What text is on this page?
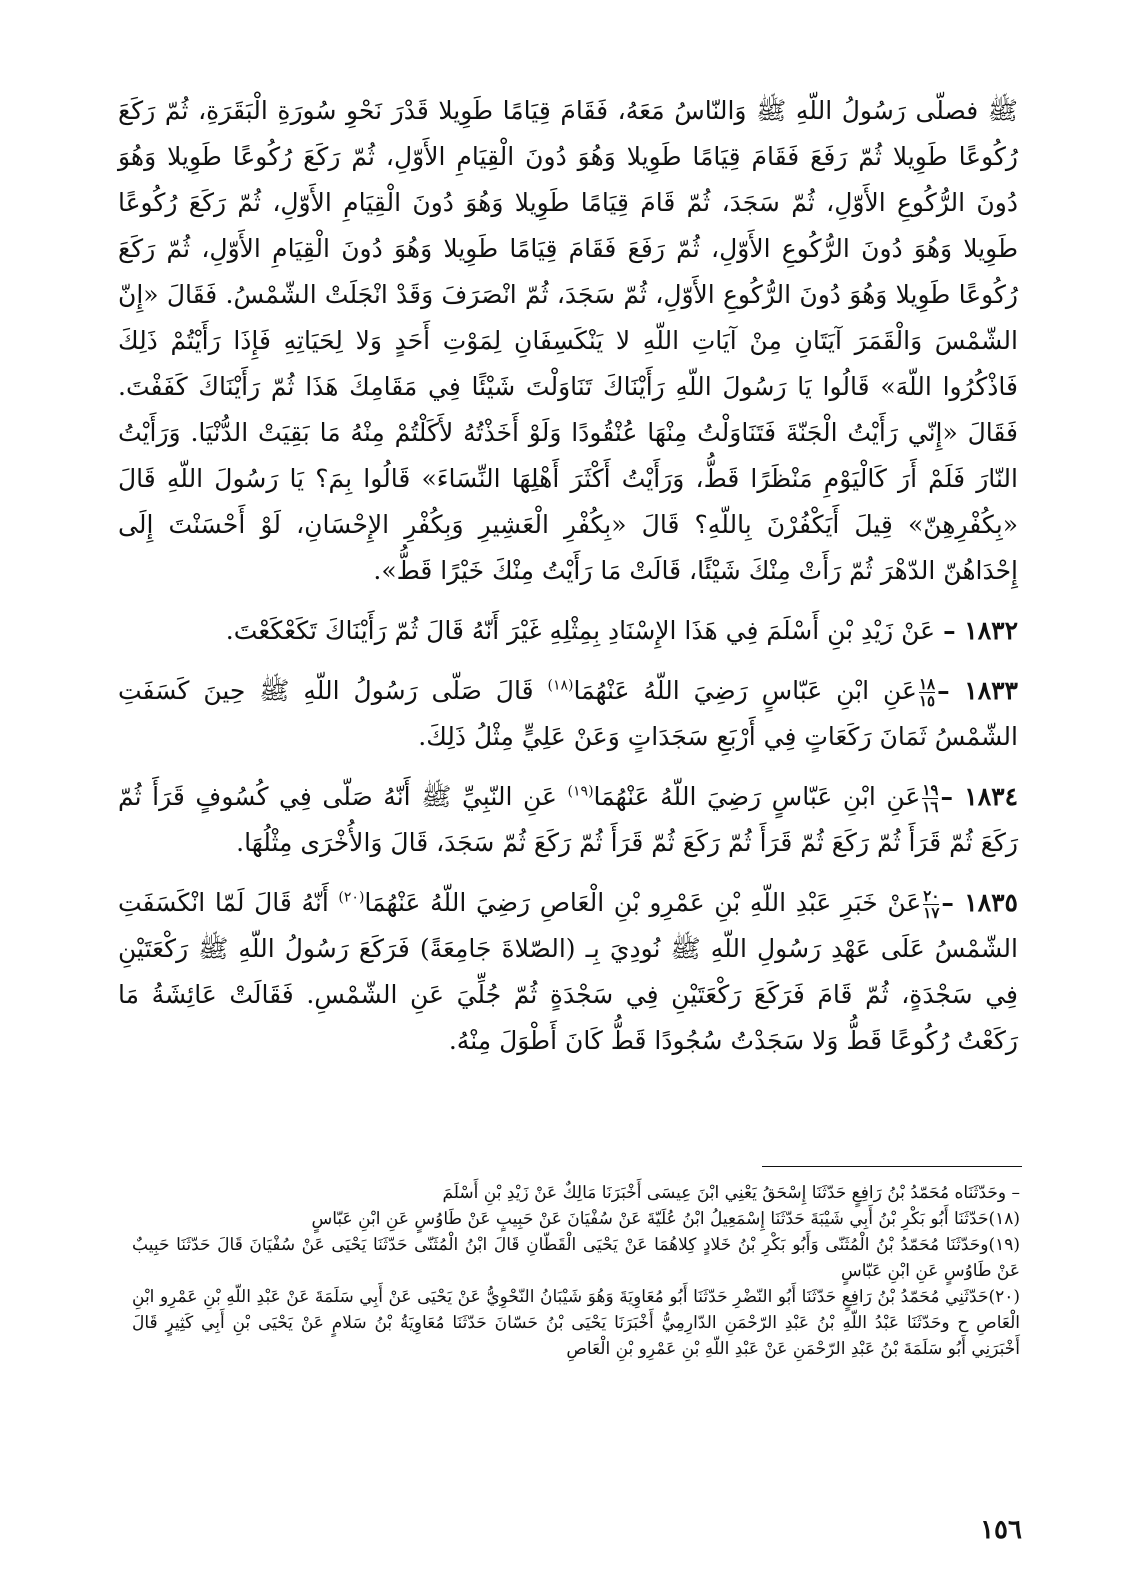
ﷺ فصلّى رَسُولُ اللّهِ ﷺ وَالنّاسُ مَعَهُ، فَقَامَ قِيَامًا طَوِيلا قَدْرَ نَحْوِ سُورَةِ الْبَقَرَةِ، ثُمّ رَكَعَ رُكُوعًا طَوِيلا ثُمّ رَفَعَ فَقَامَ قِيَامًا طَوِيلا وَهُوَ دُونَ الْقِيَامِ الأَوّلِ، ثُمّ رَكَعَ رُكُوعًا طَوِيلا وَهُوَ دُونَ الرُّكُوعِ الأَوّلِ، ثُمّ سَجَدَ، ثُمّ قَامَ قِيَامًا طَوِيلا وَهُوَ دُونَ الْقِيَامِ الأَوّلِ، ثُمّ رَكَعَ رُكُوعًا طَوِيلا وَهُوَ دُونَ الرُّكُوعِ الأَوّلِ، ثُمّ رَفَعَ فَقَامَ قِيَامًا طَوِيلا وَهُوَ دُونَ الْقِيَامِ الأَوّلِ، ثُمّ رَكَعَ رُكُوعًا طَوِيلا وَهُوَ دُونَ الرُّكُوعِ الأَوّلِ، ثُمّ سَجَدَ، ثُمّ انْصَرَفَ وَقَدْ انْجَلَتْ الشّمْسُ. فَقَالَ «إِنّ الشّمْسَ وَالْقَمَرَ آيَتَانِ مِنْ آيَاتِ اللّهِ لا يَنْكَسِفَانِ لِمَوْتِ أَحَدٍ وَلا لِحَيَاتِهِ فَإِذَا رَأَيْتُمْ ذَلِكَ فَاذْكُرُوا اللّهَ» قَالُوا يَا رَسُولَ اللّهِ رَأَيْنَاكَ تَنَاوَلْتَ شَيْئًا فِي مَقَامِكَ هَذَا ثُمّ رَأَيْنَاكَ كَفَفْتَ. فَقَالَ «إِنّي رَأَيْتُ الْجَنّةَ فَتَنَاوَلْتُ مِنْهَا عُنْقُودًا وَلَوْ أَخَذْتُهُ لأَكَلْتُمْ مِنْهُ مَا بَقِيَتْ الدُّنْيَا. وَرَأَيْتُ النّارَ فَلَمْ أَرَ كَالْيَوْمِ مَنْظَرًا قَطُّ، وَرَأَيْتُ أَكْثَرَ أَهْلِهَا النِّسَاءَ» قَالُوا بِمَ؟ يَا رَسُولَ اللّهِ قَالَ «بِكُفْرِهِنّ» قِيلَ أَيَكْفُرْنَ بِاللّهِ؟ قَالَ «بِكُفْرِ الْعَشِيرِ وَبِكُفْرِ الإِحْسَانِ، لَوْ أَحْسَنْتَ إِلَى إِحْدَاهُنّ الدّهْرَ ثُمّ رَأَتْ مِنْكَ شَيْئًا، قَالَتْ مَا رَأَيْتُ مِنْكَ خَيْرًا قَطُّ».

١٨٣٢ – عَنْ زَيْدِ بْنِ أَسْلَمَ فِي هَذَا الإِسْنَادِ بِمِثْلِهِ غَيْرَ أَنّهُ قَالَ ثُمّ رَأَيْنَاكَ تَكَعْكَعْتَ.

١٨٣٣ –
$\frac{١٨}{١٥}$
عَنِ ابْنِ عَبّاسٍ رَضِيَ اللّهُ عَنْهُمَا$^{(١٨)}$ قَالَ صَلّى رَسُولُ اللّهِ ﷺ حِينَ كَسَفَتِ الشّمْسُ ثَمَانَ رَكَعَاتٍ فِي أَرْبَعِ سَجَدَاتٍ وَعَنْ عَلِيٍّ مِثْلُ ذَلِكَ.

١٨٣٤ –
$\frac{١٩}{١٦}$
عَنِ ابْنِ عَبّاسٍ رَضِيَ اللّهُ عَنْهُمَا$^{(١٩)}$ عَنِ النّبِيِّ ﷺ أَنّهُ صَلّى فِي كُسُوفٍ قَرَأَ ثُمّ رَكَعَ ثُمّ قَرَأَ ثُمّ رَكَعَ ثُمّ قَرَأَ ثُمّ رَكَعَ ثُمّ قَرَأَ ثُمّ رَكَعَ ثُمّ سَجَدَ، قَالَ وَالأُخْرَى مِثْلُهَا.

١٨٣٥ –
$\frac{٢٠}{١٧}$
عَنْ خَبَرِ عَبْدِ اللّهِ بْنِ عَمْرِو بْنِ الْعَاصِ رَضِيَ اللّهُ عَنْهُمَا$^{(٢٠)}$ أَنّهُ قَالَ لَمّا انْكَسَفَتِ الشّمْسُ عَلَى عَهْدِ رَسُولِ اللّهِ ﷺ نُودِيَ بِـ (الصّلاةَ جَامِعَةً) فَرَكَعَ رَسُولُ اللّهِ ﷺ رَكْعَتَيْنِ فِي سَجْدَةٍ، ثُمّ قَامَ فَرَكَعَ رَكْعَتَيْنِ فِي سَجْدَةٍ ثُمّ جُلِّيَ عَنِ الشّمْسِ. فَقَالَتْ عَائِشَةُ مَا رَكَعْتُ رُكُوعًا قَطُّ وَلا سَجَدْتُ سُجُودًا قَطُّ كَانَ أَطْوَلَ مِنْهُ.

– وحَدّثَنَاه مُحَمّدُ بْنُ رَافِعٍ حَدّثَنَا إِسْحَقُ يَعْنِي ابْنَ عِيسَى أَخْبَرَنَا مَالِكٌ عَنْ زَيْدِ بْنِ أَسْلَمَ

(١٨)حَدّثَنَا أَبُو بَكْرِ بْنُ أَبِي شَيْبَةَ حَدّثَنَا إِسْمَعِيلُ ابْنُ عُلَيّةَ عَنْ سُفْيَانَ عَنْ حَبِيبٍ عَنْ طَاوُسٍ عَنِ ابْنِ عَبّاسٍ

(١٩)وحَدّثَنَا مُحَمّدُ بْنُ الْمُثَنّى وَأَبُو بَكْرِ بْنُ خَلادٍ كِلاهُمَا عَنْ يَحْيَى الْقَطّانِ قَالَ ابْنُ الْمُثَنّى حَدّثَنَا يَحْيَى عَنْ سُفْيَانَ قَالَ حَدّثَنَا حَبِيبٌ عَنْ طَاوُسٍ عَنِ ابْنِ عَبّاسٍ

(٢٠)حَدّثَنِي مُحَمّدُ بْنُ رَافِعٍ حَدّثَنَا أَبُو النّضْرِ حَدّثَنَا أَبُو مُعَاوِيَةَ وَهُوَ شَيْبَانُ النّحْوِيُّ عَنْ يَحْيَى عَنْ أَبِي سَلَمَةَ عَنْ عَبْدِ اللّهِ بْنِ عَمْرِو ابْنِ الْعَاصِ ح وحَدّثَنَا عَبْدُ اللّهِ بْنُ عَبْدِ الرّحْمَنِ الدّارِمِيُّ أَخْبَرَنَا يَحْيَى بْنُ حَسّانَ حَدّثَنَا مُعَاوِيَةُ بْنُ سَلامٍ عَنْ يَحْيَى بْنِ أَبِي كَثِيرٍ قَالَ أَخْبَرَنِي أَبُو سَلَمَةَ بْنُ عَبْدِ الرّحْمَنِ عَنْ عَبْدِ اللّهِ بْنِ عَمْرِو بْنِ الْعَاصِ

١٥٦
